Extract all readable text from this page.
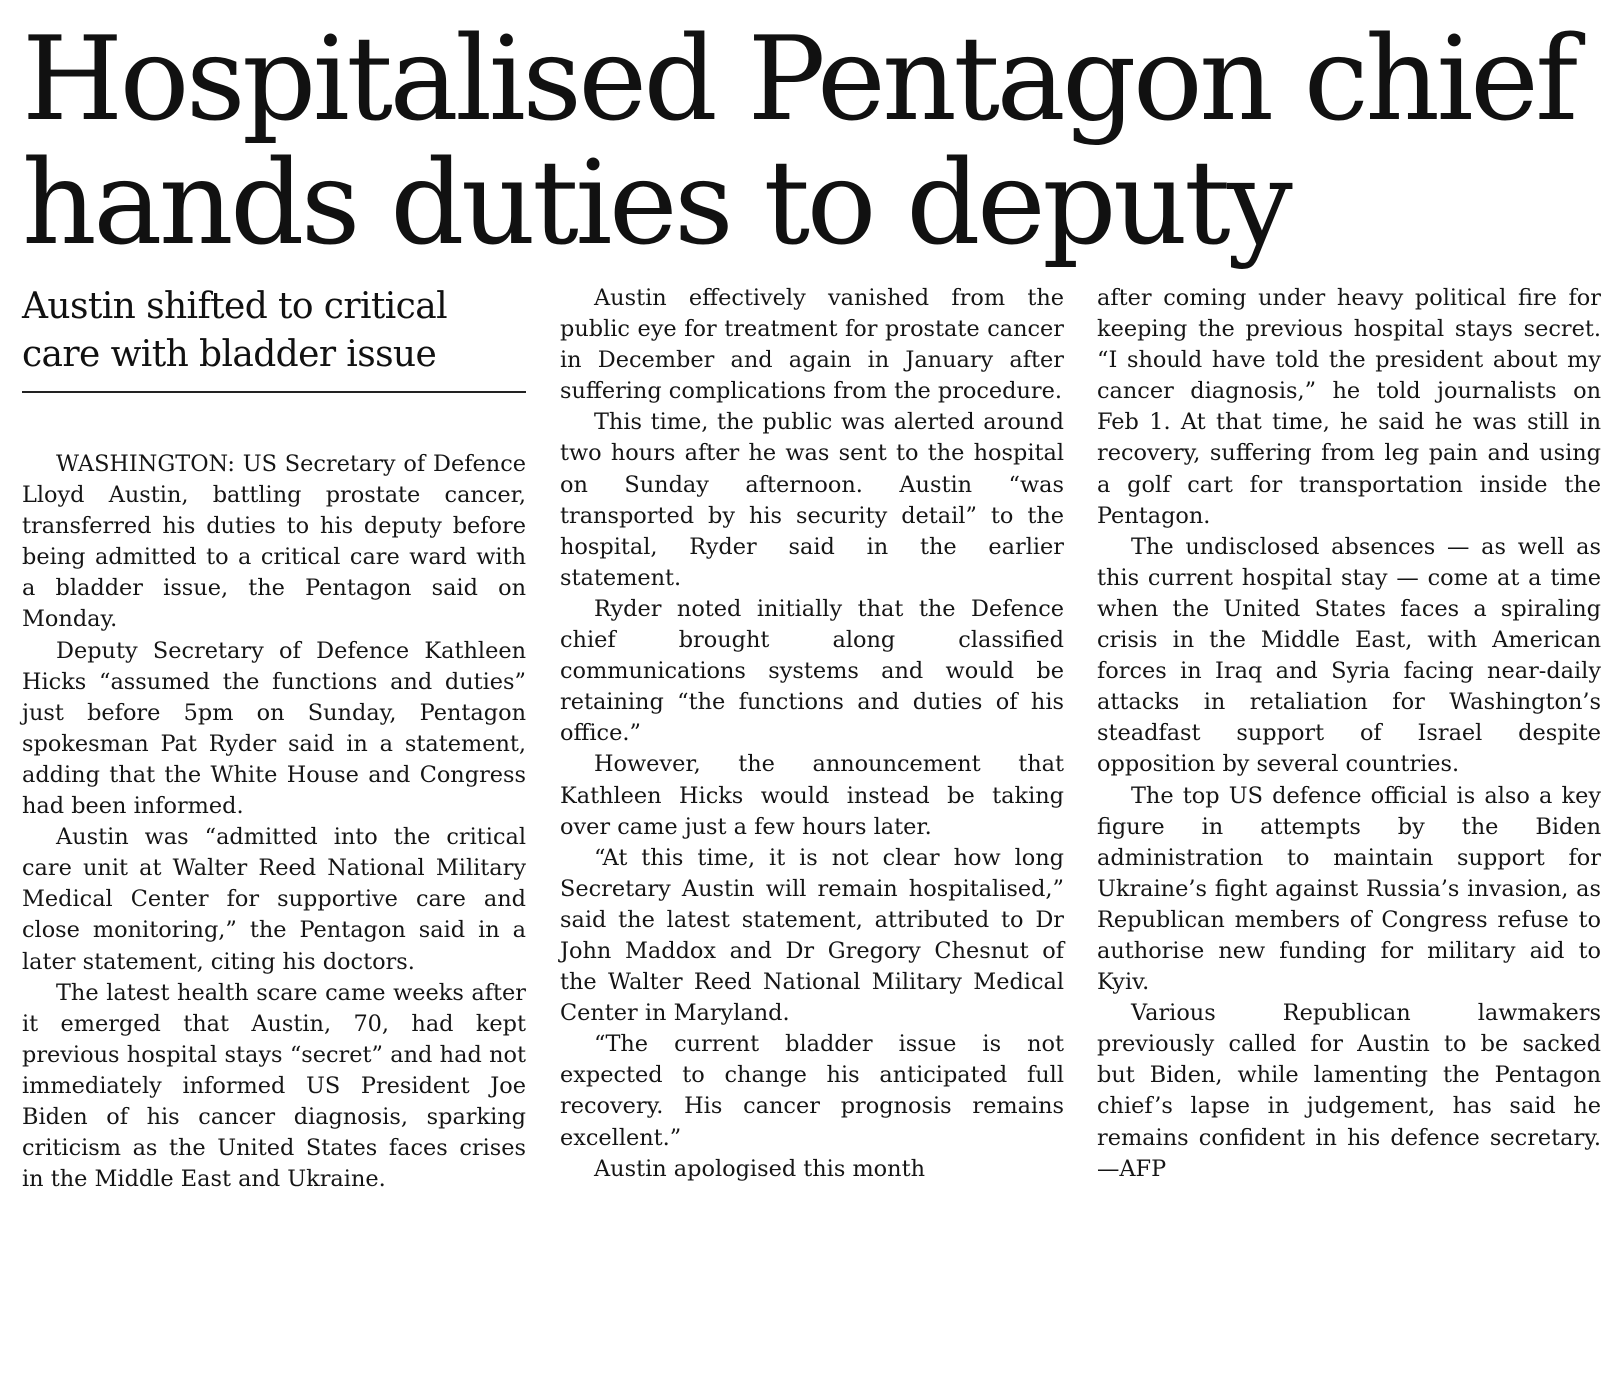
Hospitalised Pentagon chief
hands duties to deputy
Austin shifted to critical care with bladder issue

WASHINGTON: US Secretary of Defence Lloyd Austin, battling prostate cancer, transferred his duties to his deputy before being admitted to a critical care ward with a bladder issue, the Pentagon said on Monday.

Deputy Secretary of Defence Kathleen Hicks “assumed the functions and duties” just before 5pm on Sunday, Pentagon spokesman Pat Ryder said in a statement, adding that the White House and Congress had been informed.

Austin was “admitted into the critical care unit at Walter Reed National Military Medical Center for supportive care and close monitoring,” the Pentagon said in a later statement, citing his doctors.

The latest health scare came weeks after it emerged that Austin, 70, had kept previous hospital stays “secret” and had not immediately informed US President Joe Biden of his cancer diagnosis, sparking criticism as the United States faces crises in the Middle East and Ukraine.

Austin effectively vanished from the public eye for treatment for prostate cancer in December and again in January after suffering complications from the procedure.

This time, the public was alerted around two hours after he was sent to the hospital on Sunday afternoon. Austin “was transported by his security detail” to the hospital, Ryder said in the earlier statement.

Ryder noted initially that the Defence chief brought along classified communications systems and would be retaining “the functions and duties of his office.”

However, the announcement that Kathleen Hicks would instead be taking over came just a few hours later.

“At this time, it is not clear how long Secretary Austin will remain hospitalised,” said the latest statement, attributed to Dr John Maddox and Dr Gregory Chesnut of the Walter Reed National Military Medical Center in Maryland.

“The current bladder issue is not expected to change his anticipated full recovery. His cancer prognosis remains excellent.”

Austin apologised this month

after coming under heavy political fire for keeping the previous hospital stays secret. “I should have told the president about my cancer diagnosis,” he told journalists on Feb 1. At that time, he said he was still in recovery, suffering from leg pain and using a golf cart for transportation inside the Pentagon.

The undisclosed absences — as well as this current hospital stay — come at a time when the United States faces a spiraling crisis in the Middle East, with American forces in Iraq and Syria facing near-daily attacks in retaliation for Washington’s steadfast support of Israel despite opposition by several countries.

The top US defence official is also a key figure in attempts by the Biden administration to maintain support for Ukraine’s fight against Russia’s invasion, as Republican members of Congress refuse to authorise new funding for military aid to Kyiv.

Various Republican lawmakers previously called for Austin to be sacked but Biden, while lamenting the Pentagon chief’s lapse in judgement, has said he remains confident in his defence secretary.—AFP
